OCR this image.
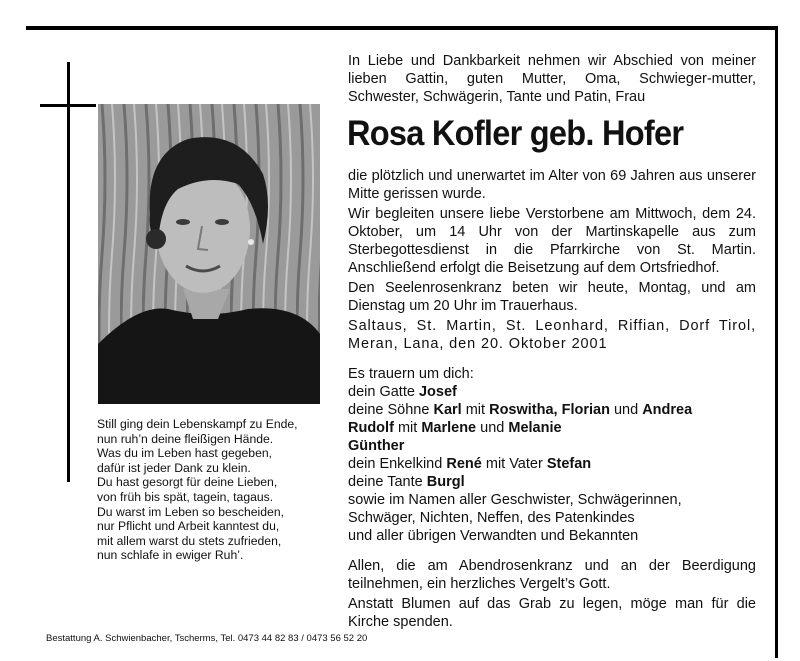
Still ging dein Lebenskampf zu Ende,
nun ruh’n deine fleißigen Hände.
Was du im Leben hast gegeben,
dafür ist jeder Dank zu klein.
Du hast gesorgt für deine Lieben,
von früh bis spät, tagein, tagaus.
Du warst im Leben so bescheiden,
nur Pflicht und Arbeit kanntest du,
mit allem warst du stets zufrieden,
nun schlafe in ewiger Ruh’.
Bestattung A. Schwienbacher, Tscherms, Tel. 0473 44 82 83 / 0473 56 52 20
In Liebe und Dankbarkeit nehmen wir Abschied von meiner lieben Gattin, guten Mutter, Oma, Schwieger-mutter, Schwester, Schwägerin, Tante und Patin, Frau
Rosa Kofler geb. Hofer

die plötzlich und unerwartet im Alter von 69 Jahren aus unserer Mitte gerissen wurde.

Wir begleiten unsere liebe Verstorbene am Mittwoch, dem 24. Oktober, um 14 Uhr von der Martinskapelle aus zum Sterbegottesdienst in die Pfarrkirche von St. Martin. Anschließend erfolgt die Beisetzung auf dem Ortsfriedhof.

Den Seelenrosenkranz beten wir heute, Montag, und am Dienstag um 20 Uhr im Trauerhaus.

Saltaus, St. Martin, St. Leonhard, Riffian, Dorf Tirol, Meran, Lana, den 20. Oktober 2001
Es trauern um dich:
dein Gatte Josef
deine Söhne Karl mit Roswitha, Florian und Andrea
Rudolf mit Marlene und Melanie
Günther
dein Enkelkind René mit Vater Stefan
deine Tante Burgl
sowie im Namen aller Geschwister, Schwägerinnen,
Schwäger, Nichten, Neffen, des Patenkindes
und aller übrigen Verwandten und Bekannten

Allen, die am Abendrosenkranz und an der Beerdigung teilnehmen, ein herzliches Vergelt’s Gott.

Anstatt Blumen auf das Grab zu legen, möge man für die Kirche spenden.
